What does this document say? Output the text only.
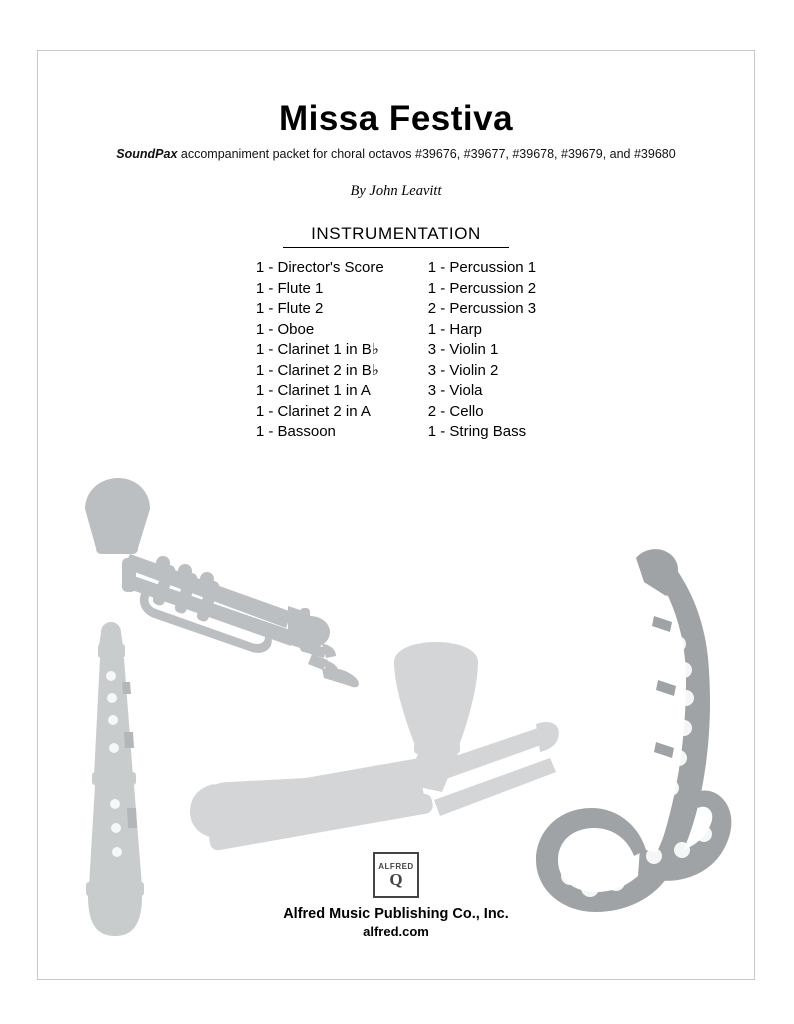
Missa Festiva
SoundPax accompaniment packet for choral octavos #39676, #39677, #39678, #39679, and #39680
By John Leavitt
INSTRUMENTATION
1 - Director's Score
1 - Flute 1
1 - Flute 2
1 - Oboe
1 - Clarinet 1 in B♭
1 - Clarinet 2 in B♭
1 - Clarinet 1 in A
1 - Clarinet 2 in A
1 - Bassoon
1 - Percussion 1
1 - Percussion 2
2 - Percussion 3
1 - Harp
3 - Violin 1
3 - Violin 2
3 - Viola
2 - Cello
1 - String Bass
ALFRED
Q
Alfred Music Publishing Co., Inc.
alfred.com
